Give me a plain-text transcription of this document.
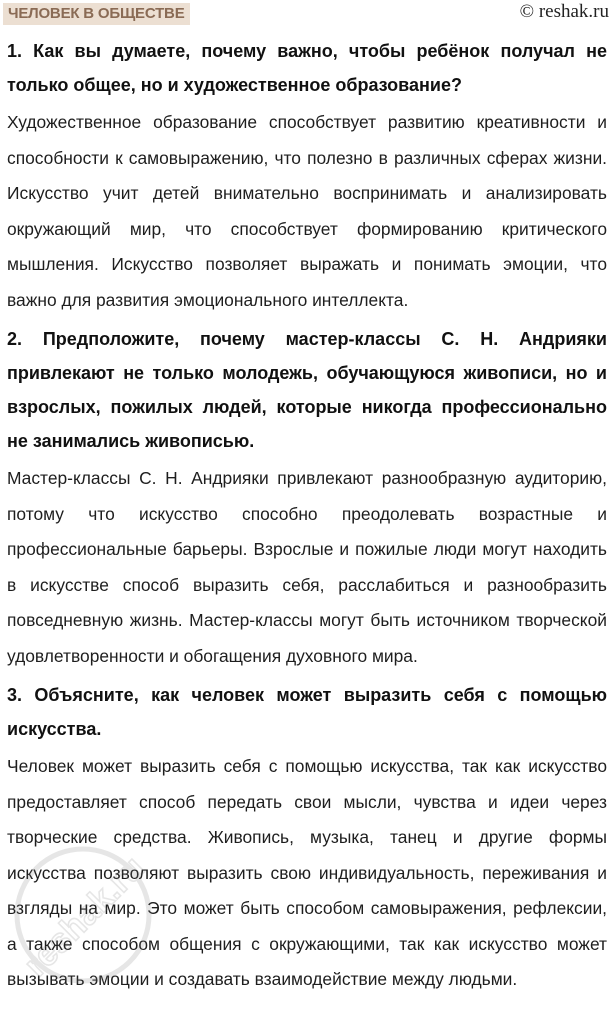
ЧЕЛОВЕК В ОБЩЕСТВЕ	© reshak.ru

1. Как вы думаете, почему важно, чтобы ребёнок получал не только общее, но и художественное образование?

Художественное образование способствует развитию креативности и способности к самовыражению, что полезно в различных сферах жизни. Искусство учит детей внимательно воспринимать и анализировать окружающий мир, что способствует формированию критического мышления. Искусство позволяет выражать и понимать эмоции, что важно для развития эмоционального интеллекта.

2. Предположите, почему мастер-классы С. Н. Андрияки привлекают не только молодежь, обучающуюся живописи, но и взрослых, пожилых людей, которые никогда профессионально не занимались живописью.

Мастер-классы С. Н. Андрияки привлекают разнообразную аудиторию, потому что искусство способно преодолевать возрастные и профессиональные барьеры. Взрослые и пожилые люди могут находить в искусстве способ выразить себя, расслабиться и разнообразить повседневную жизнь. Мастер-классы могут быть источником творческой удовлетворенности и обогащения духовного мира.

3. Объясните, как человек может выразить себя с помощью искусства.

Человек может выразить себя с помощью искусства, так как искусство предоставляет способ передать свои мысли, чувства и идеи через творческие средства. Живопись, музыка, танец и другие формы искусства позволяют выразить свою индивидуальность, переживания и взгляды на мир. Это может быть способом самовыражения, рефлексии, а также способом общения с окружающими, так как искусство может вызывать эмоции и создавать взаимодействие между людьми.

reshak.ru
